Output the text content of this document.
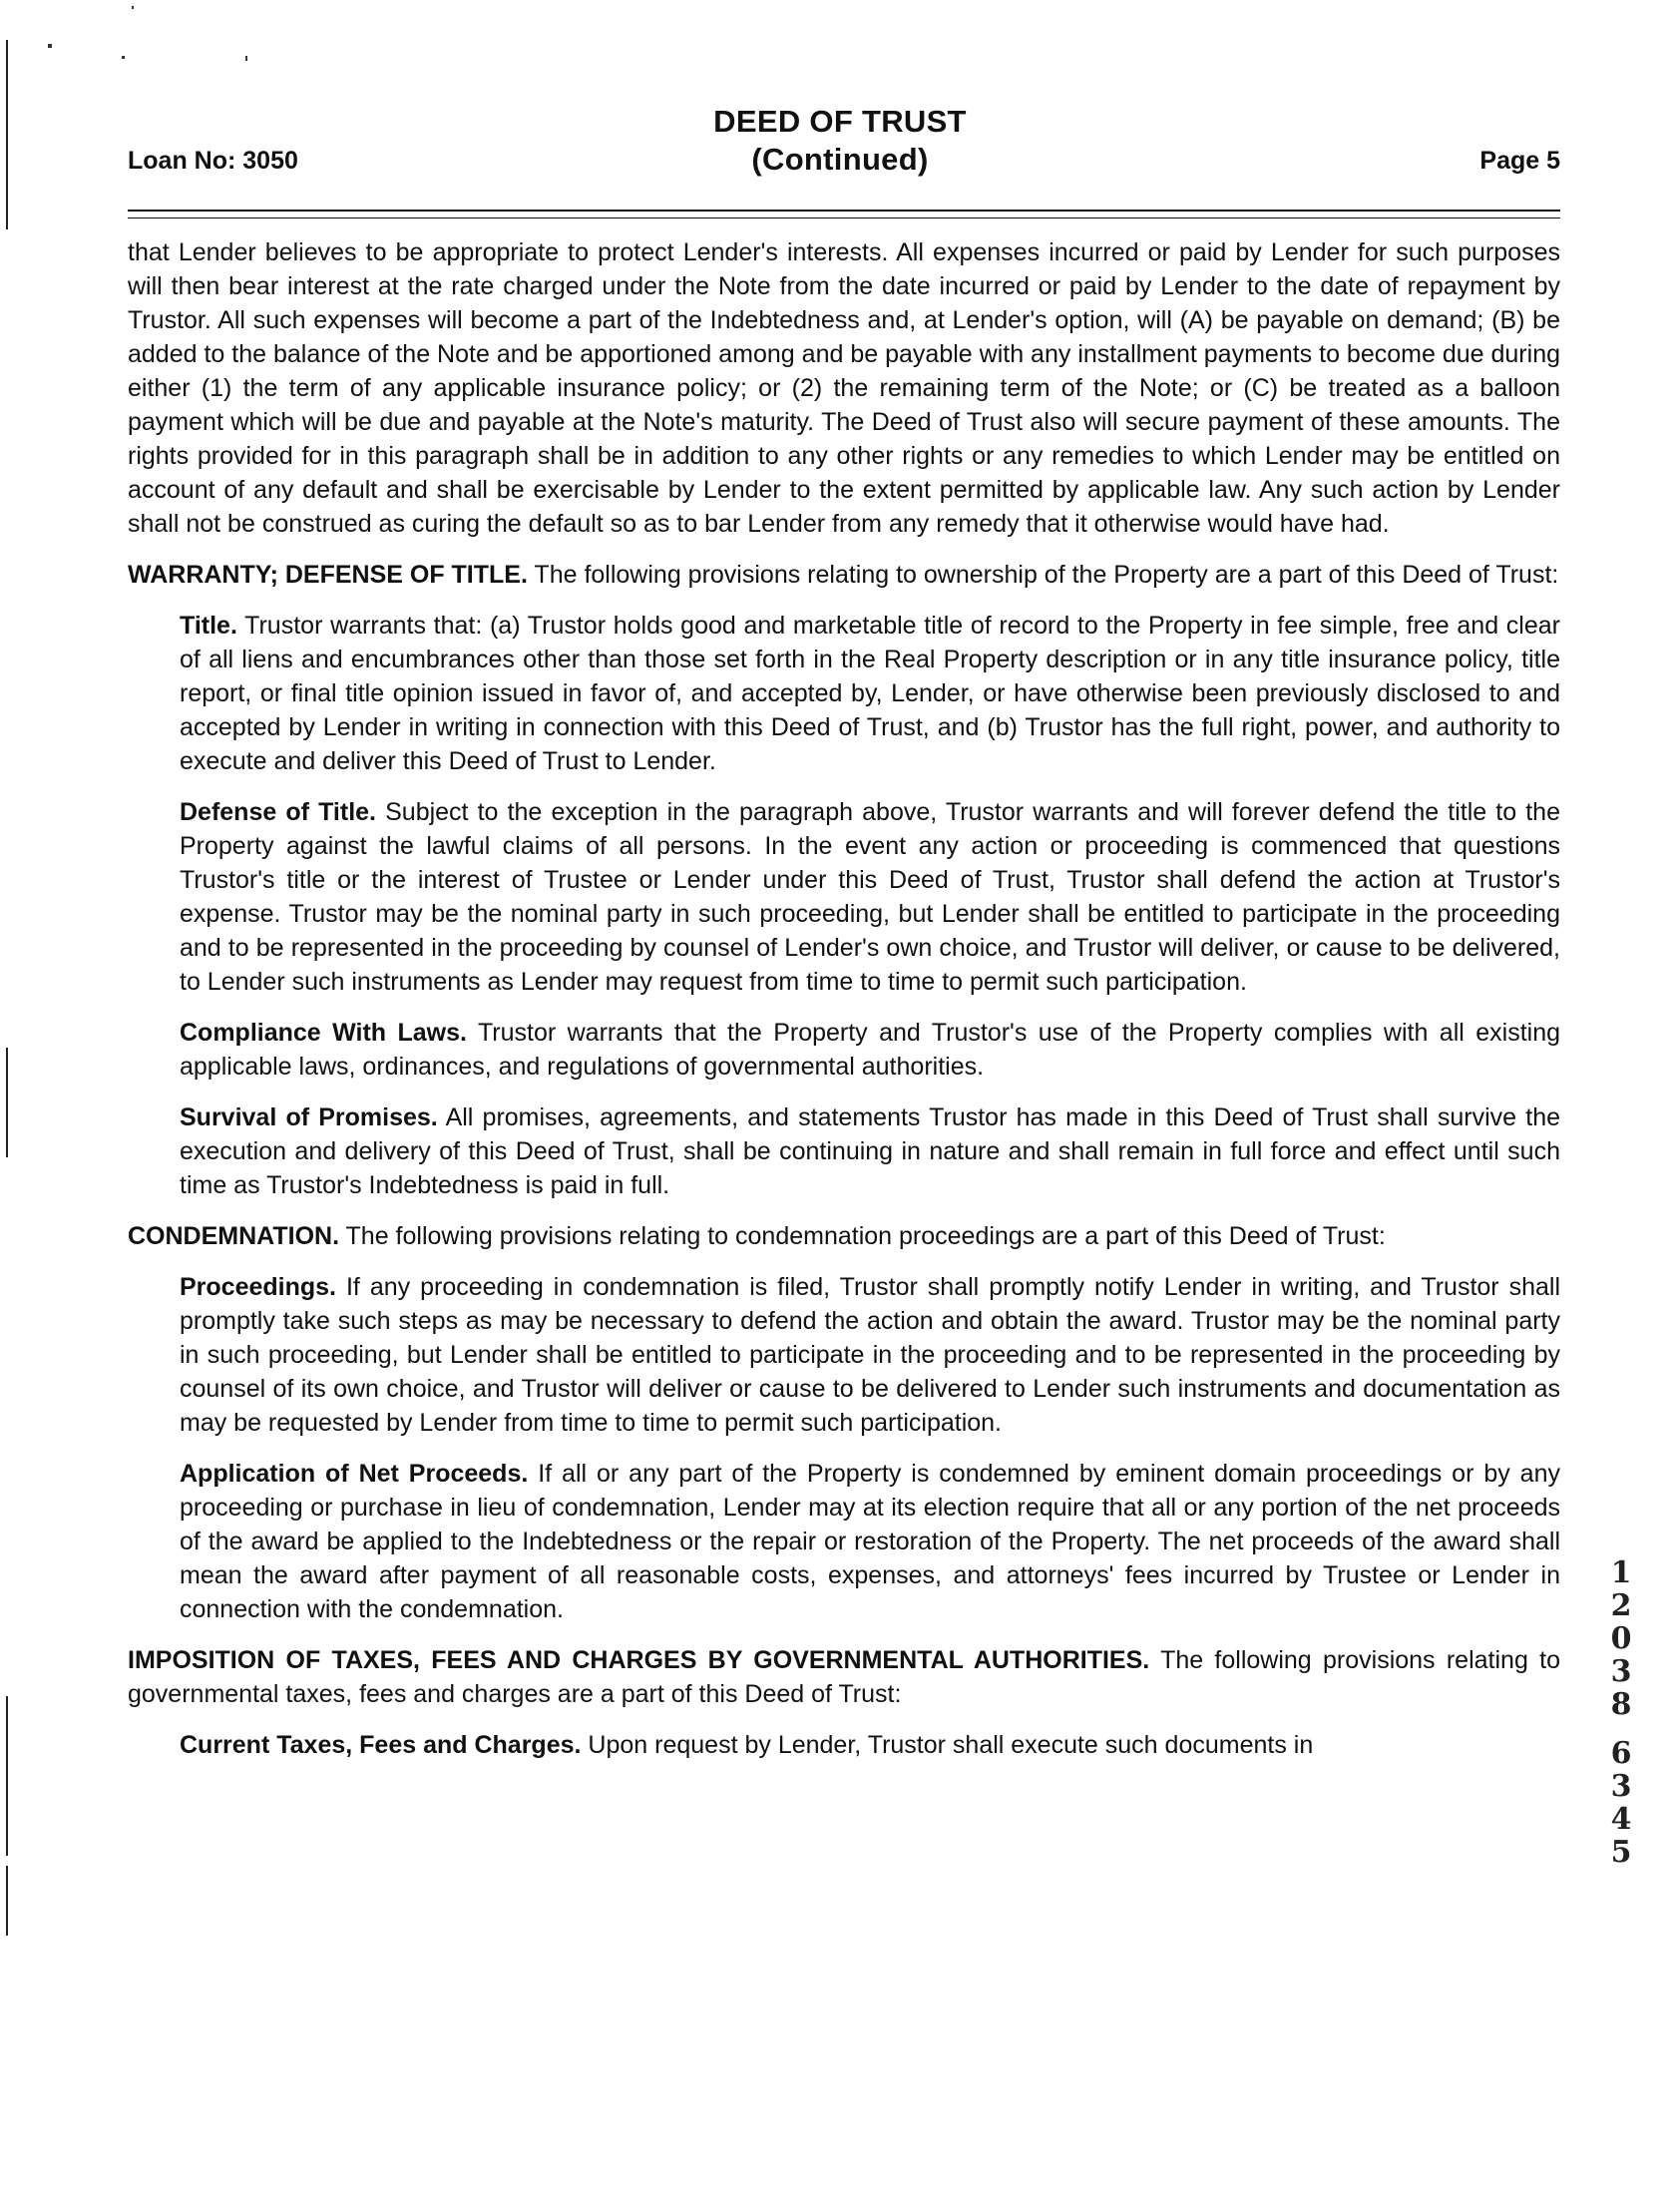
DEED OF TRUST
(Continued)
Loan No: 3050	Page 5

that Lender believes to be appropriate to protect Lender's interests. All expenses incurred or paid by Lender for such purposes will then bear interest at the rate charged under the Note from the date incurred or paid by Lender to the date of repayment by Trustor. All such expenses will become a part of the Indebtedness and, at Lender's option, will (A) be payable on demand; (B) be added to the balance of the Note and be apportioned among and be payable with any installment payments to become due during either (1) the term of any applicable insurance policy; or (2) the remaining term of the Note; or (C) be treated as a balloon payment which will be due and payable at the Note's maturity. The Deed of Trust also will secure payment of these amounts. The rights provided for in this paragraph shall be in addition to any other rights or any remedies to which Lender may be entitled on account of any default and shall be exercisable by Lender to the extent permitted by applicable law. Any such action by Lender shall not be construed as curing the default so as to bar Lender from any remedy that it otherwise would have had.

WARRANTY; DEFENSE OF TITLE. The following provisions relating to ownership of the Property are a part of this Deed of Trust:

Title. Trustor warrants that: (a) Trustor holds good and marketable title of record to the Property in fee simple, free and clear of all liens and encumbrances other than those set forth in the Real Property description or in any title insurance policy, title report, or final title opinion issued in favor of, and accepted by, Lender, or have otherwise been previously disclosed to and accepted by Lender in writing in connection with this Deed of Trust, and (b) Trustor has the full right, power, and authority to execute and deliver this Deed of Trust to Lender.

Defense of Title. Subject to the exception in the paragraph above, Trustor warrants and will forever defend the title to the Property against the lawful claims of all persons. In the event any action or proceeding is commenced that questions Trustor's title or the interest of Trustee or Lender under this Deed of Trust, Trustor shall defend the action at Trustor's expense. Trustor may be the nominal party in such proceeding, but Lender shall be entitled to participate in the proceeding and to be represented in the proceeding by counsel of Lender's own choice, and Trustor will deliver, or cause to be delivered, to Lender such instruments as Lender may request from time to time to permit such participation.

Compliance With Laws. Trustor warrants that the Property and Trustor's use of the Property complies with all existing applicable laws, ordinances, and regulations of governmental authorities.

Survival of Promises. All promises, agreements, and statements Trustor has made in this Deed of Trust shall survive the execution and delivery of this Deed of Trust, shall be continuing in nature and shall remain in full force and effect until such time as Trustor's Indebtedness is paid in full.

CONDEMNATION. The following provisions relating to condemnation proceedings are a part of this Deed of Trust:

Proceedings. If any proceeding in condemnation is filed, Trustor shall promptly notify Lender in writing, and Trustor shall promptly take such steps as may be necessary to defend the action and obtain the award. Trustor may be the nominal party in such proceeding, but Lender shall be entitled to participate in the proceeding and to be represented in the proceeding by counsel of its own choice, and Trustor will deliver or cause to be delivered to Lender such instruments and documentation as may be requested by Lender from time to time to permit such participation.

Application of Net Proceeds. If all or any part of the Property is condemned by eminent domain proceedings or by any proceeding or purchase in lieu of condemnation, Lender may at its election require that all or any portion of the net proceeds of the award be applied to the Indebtedness or the repair or restoration of the Property. The net proceeds of the award shall mean the award after payment of all reasonable costs, expenses, and attorneys' fees incurred by Trustee or Lender in connection with the condemnation.

IMPOSITION OF TAXES, FEES AND CHARGES BY GOVERNMENTAL AUTHORITIES. The following provisions relating to governmental taxes, fees and charges are a part of this Deed of Trust:

Current Taxes, Fees and Charges. Upon request by Lender, Trustor shall execute such documents in

1
2
0
3
8
6
3
4
5
